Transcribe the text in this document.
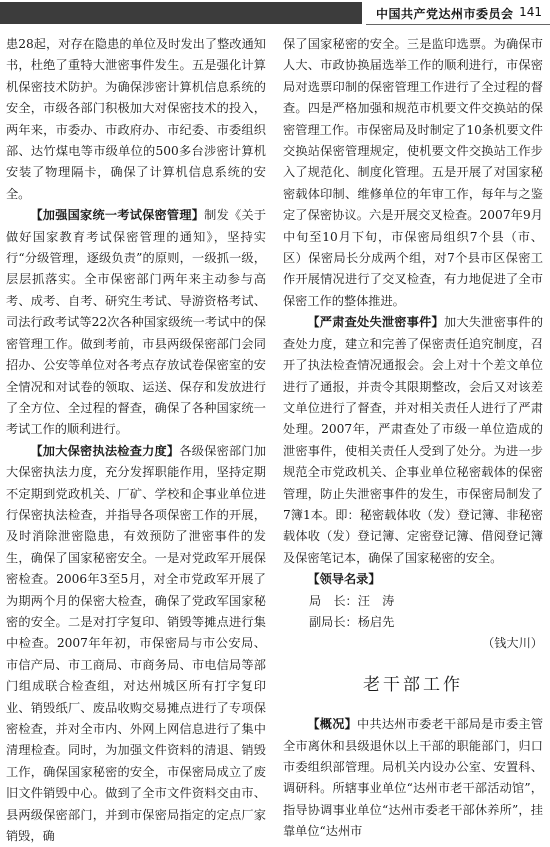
中国共产党达州市委员会 141

患28起，对存在隐患的单位及时发出了整改通知书，杜绝了重特大泄密事件发生。五是强化计算机保密技术防护。为确保涉密计算机信息系统的安全，市级各部门积极加大对保密技术的投入，两年来，市委办、市政府办、市纪委、市委组织部、达竹煤电等市级单位的500多台涉密计算机安装了物理隔卡，确保了计算机信息系统的安全。

【加强国家统一考试保密管理】制发《关于做好国家教育考试保密管理的通知》，坚持实行“分级管理，逐级负责”的原则，一级抓一级，层层抓落实。全市保密部门两年来主动参与高考、成考、自考、研究生考试、导游资格考试、司法行政考试等22次各种国家级统一考试中的保密管理工作。做到考前，市县两级保密部门会同招办、公安等单位对各考点存放试卷保密室的安全情况和对试卷的领取、运送、保存和发放进行了全方位、全过程的督查，确保了各种国家统一考试工作的顺利进行。

【加大保密执法检查力度】各级保密部门加大保密执法力度，充分发挥职能作用，坚持定期不定期到党政机关、厂矿、学校和企事业单位进行保密执法检查，并指导各项保密工作的开展，及时消除泄密隐患，有效预防了泄密事件的发生，确保了国家秘密安全。一是对党政军开展保密检查。2006年3至5月，对全市党政军开展了为期两个月的保密大检查，确保了党政军国家秘密的安全。二是对打字复印、销毁等摊点进行集中检查。2007年年初，市保密局与市公安局、市信产局、市工商局、市商务局、市电信局等部门组成联合检查组，对达州城区所有打字复印业、销毁纸厂、废品收购交易摊点进行了专项保密检查，并对全市内、外网上网信息进行了集中清理检查。同时，为加强文件资料的清退、销毁工作，确保国家秘密的安全，市保密局成立了废旧文件销毁中心。做到了全市文件资料交由市、县两级保密部门，并到市保密局指定的定点厂家销毁，确

保了国家秘密的安全。三是监印选票。为确保市人大、市政协换届选举工作的顺利进行，市保密局对选票印制的保密管理工作进行了全过程的督查。四是严格加强和规范市机要文件交换站的保密管理工作。市保密局及时制定了10条机要文件交换站保密管理规定，使机要文件交换站工作步入了规范化、制度化管理。五是开展了对国家秘密载体印制、维修单位的年审工作，每年与之鉴定了保密协议。六是开展交叉检查。2007年9月中旬至10月下旬，市保密局组织7个县（市、区）保密局长分成两个组，对7个县市区保密工作开展情况进行了交叉检查，有力地促进了全市保密工作的整体推进。

【严肃查处失泄密事件】加大失泄密事件的查处力度，建立和完善了保密责任追究制度，召开了执法检查情况通报会。会上对十个差文单位进行了通报，并责令其限期整改，会后又对该差文单位进行了督查，并对相关责任人进行了严肃处理。2007年，严肃查处了市级一单位造成的泄密事件，使相关责任人受到了处分。为进一步规范全市党政机关、企事业单位秘密载体的保密管理，防止失泄密事件的发生，市保密局制发了7簿1本。即：秘密载体收（发）登记簿、非秘密载体收（发）登记簿、定密登记簿、借阅登记簿及保密笔记本，确保了国家秘密的安全。

【领导名录】

局　长：汪　涛
副局长：杨启先

（钱大川）

老干部工作

【概况】中共达州市委老干部局是市委主管全市离休和县级退休以上干部的职能部门，归口市委组织部管理。局机关内设办公室、安置科、调研科。所辖事业单位“达州市老干部活动馆”，指导协调事业单位“达州市委老干部休养所”，挂靠单位“达州市
